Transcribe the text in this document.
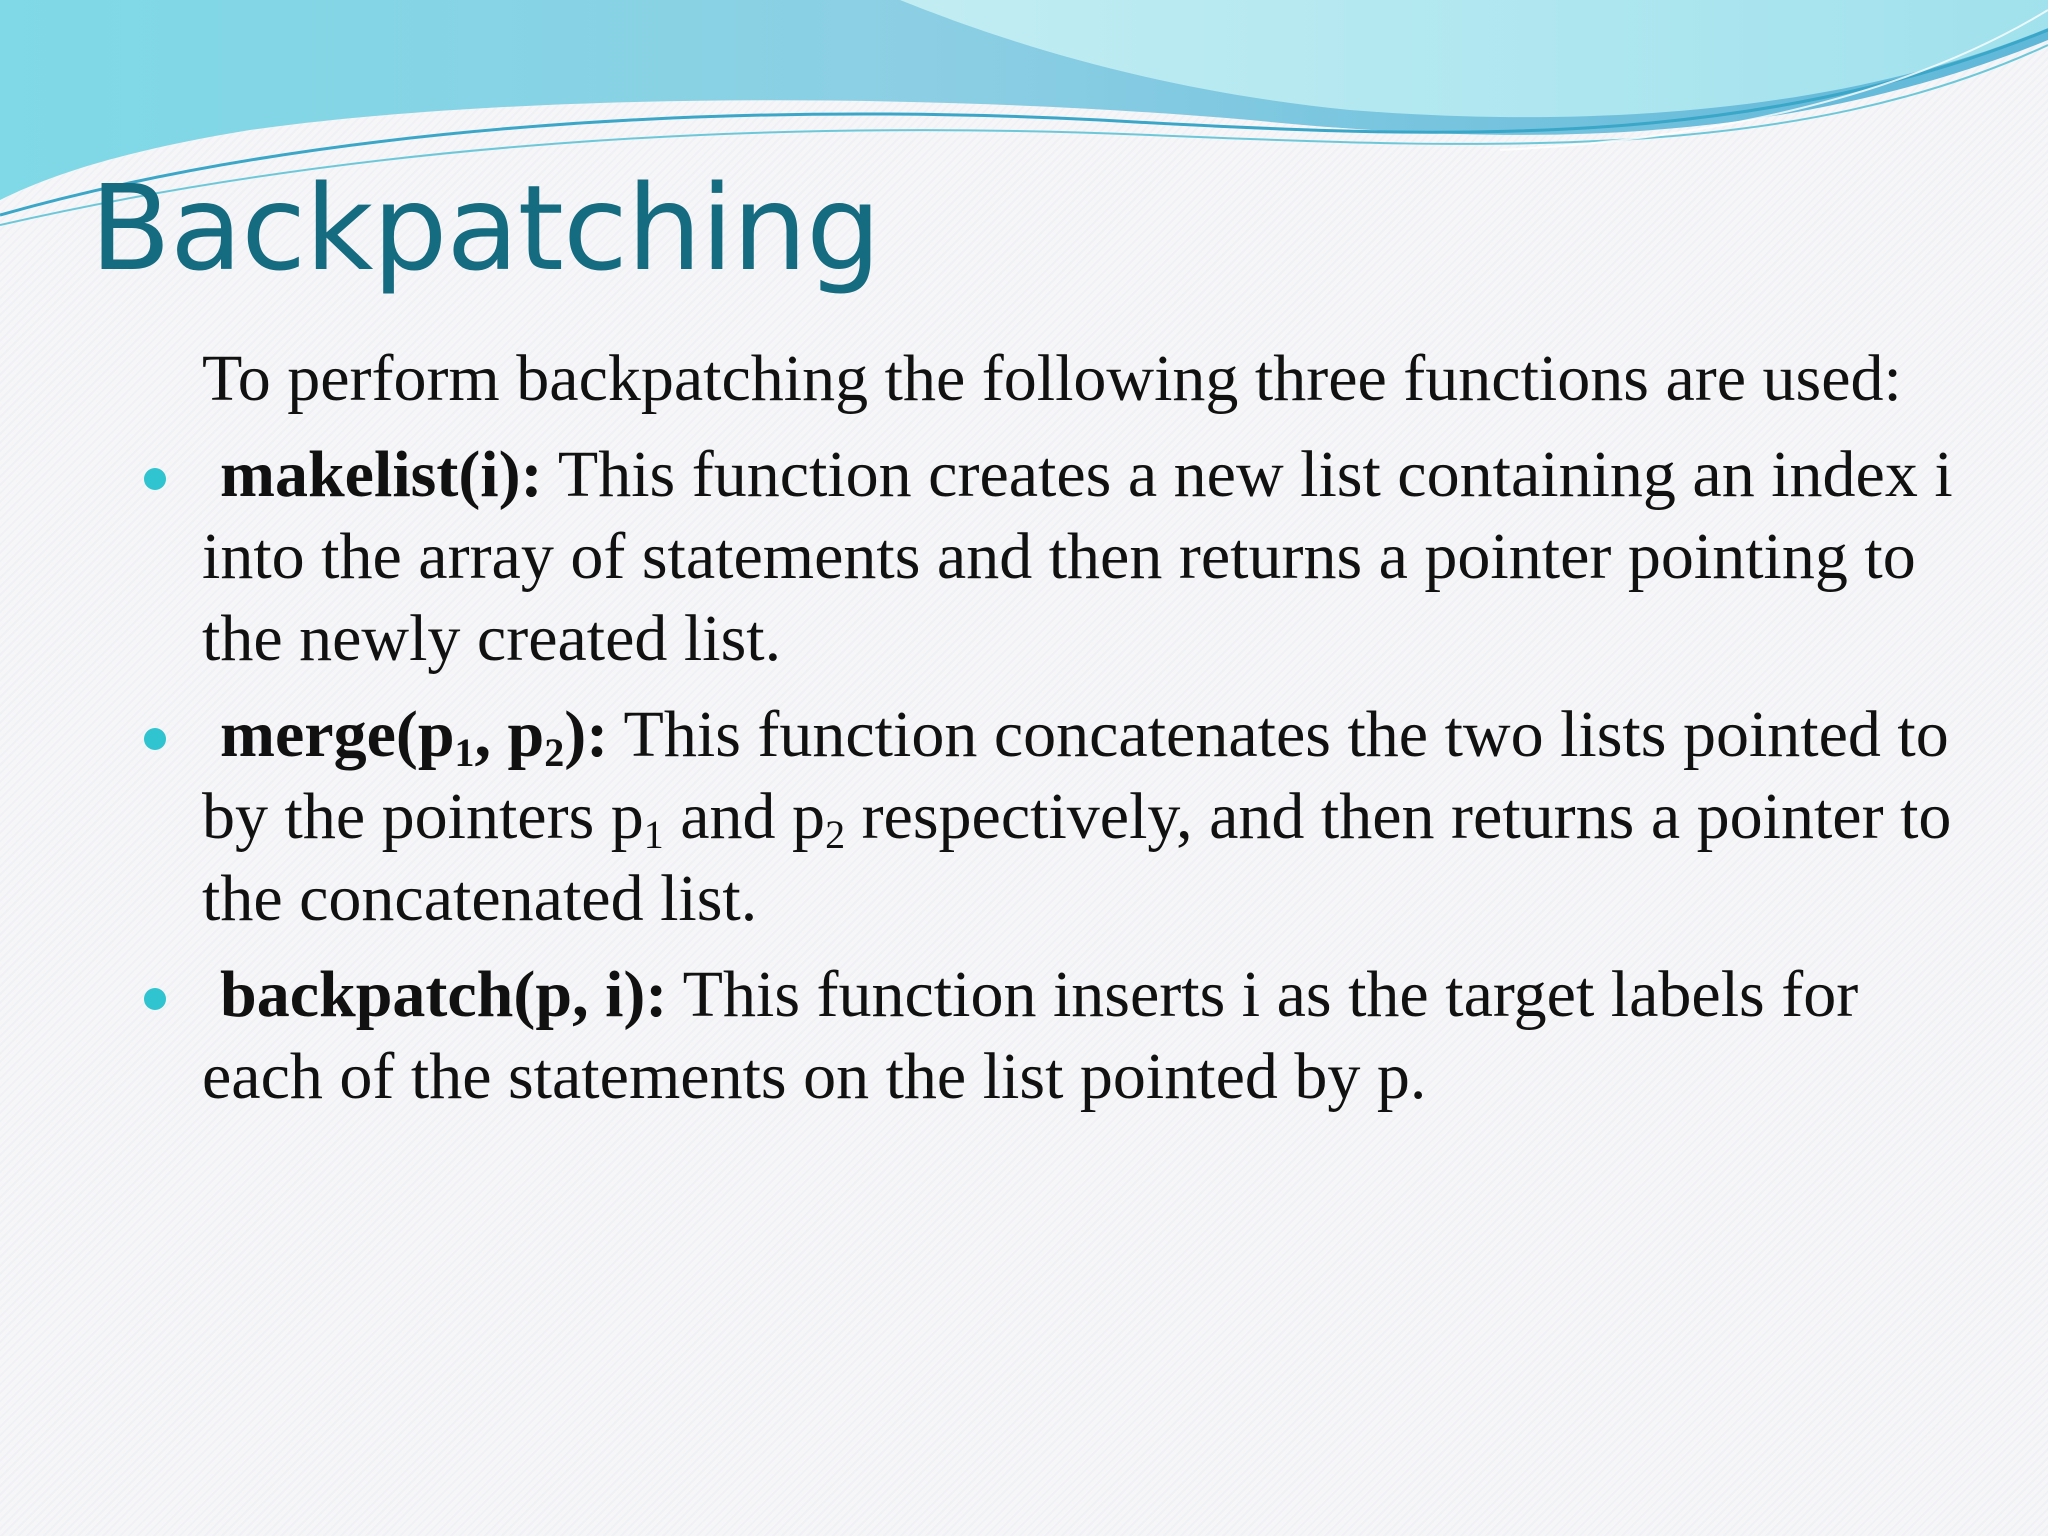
Backpatching

To perform backpatching the following three functions are used:

makelist(i): This function creates a new list containing an index i into the array of statements and then returns a pointer pointing to the newly created list.
$merge(p_1$, $p_2$): This function concatenates the two lists pointed to by the pointers $p_1$ and $p_2$ respectively, and then returns a pointer to the concatenated list.
backpatch(p, i): This function inserts i as the target labels for each of the statements on the list pointed by p.
